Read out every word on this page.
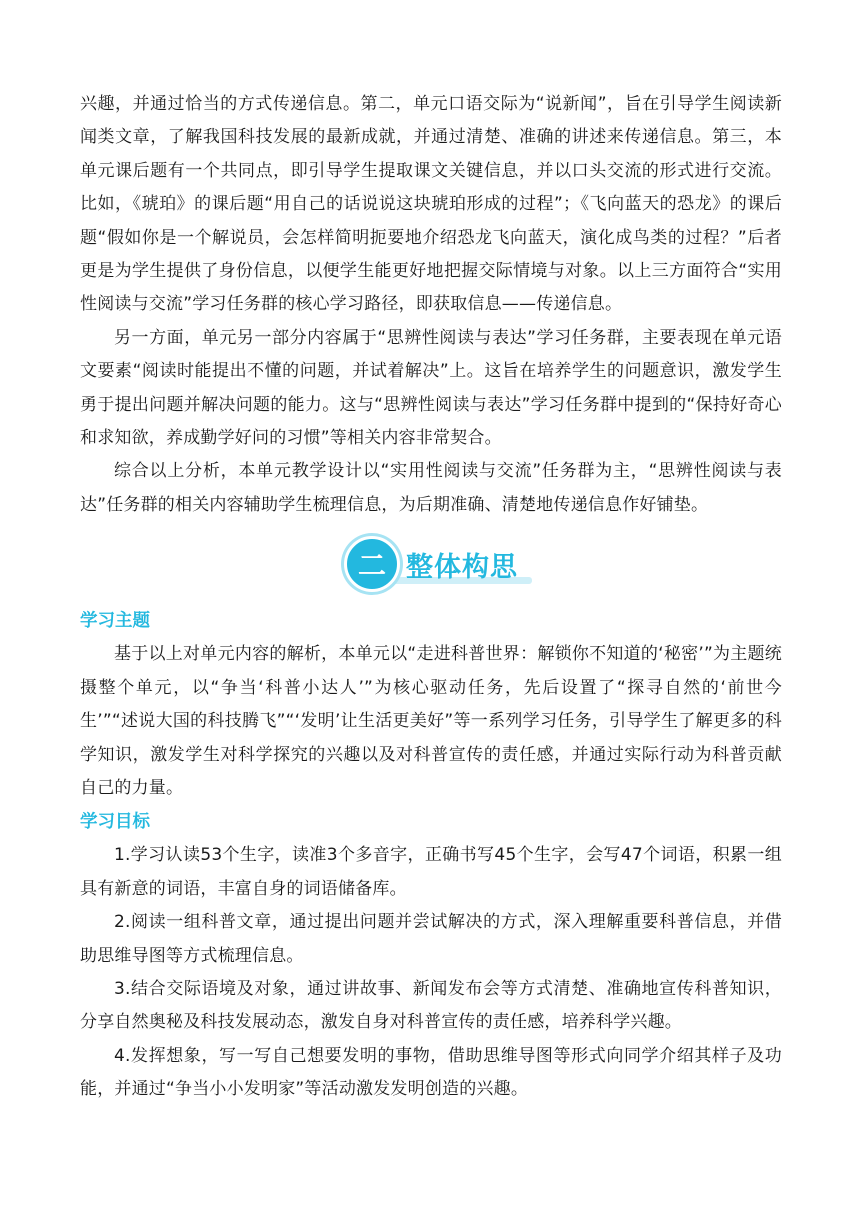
兴趣，并通过恰当的方式传递信息。第二，单元口语交际为“说新闻”，旨在引导学生阅读新闻类文章，了解我国科技发展的最新成就，并通过清楚、准确的讲述来传递信息。第三，本单元课后题有一个共同点，即引导学生提取课文关键信息，并以口头交流的形式进行交流。比如，《琥珀》的课后题“用自己的话说说这块琥珀形成的过程”；《飞向蓝天的恐龙》的课后题“假如你是一个解说员，会怎样简明扼要地介绍恐龙飞向蓝天，演化成鸟类的过程？”后者更是为学生提供了身份信息，以便学生能更好地把握交际情境与对象。以上三方面符合“实用性阅读与交流”学习任务群的核心学习路径，即获取信息——传递信息。

另一方面，单元另一部分内容属于“思辨性阅读与表达”学习任务群，主要表现在单元语文要素“阅读时能提出不懂的问题，并试着解决”上。这旨在培养学生的问题意识，激发学生勇于提出问题并解决问题的能力。这与“思辨性阅读与表达”学习任务群中提到的“保持好奇心和求知欲，养成勤学好问的习惯”等相关内容非常契合。

综合以上分析，本单元教学设计以“实用性阅读与交流”任务群为主，“思辨性阅读与表达”任务群的相关内容辅助学生梳理信息，为后期准确、清楚地传递信息作好铺垫。

二 整体构思
学习主题

基于以上对单元内容的解析，本单元以“走进科普世界：解锁你不知道的‘秘密’”为主题统摄整个单元，以“争当‘科普小达人’”为核心驱动任务，先后设置了“探寻自然的‘前世今生’”“述说大国的科技腾飞”“‘发明’让生活更美好”等一系列学习任务，引导学生了解更多的科学知识，激发学生对科学探究的兴趣以及对科普宣传的责任感，并通过实际行动为科普贡献自己的力量。

学习目标

1.学习认读53个生字，读准3个多音字，正确书写45个生字，会写47个词语，积累一组具有新意的词语，丰富自身的词语储备库。

2.阅读一组科普文章，通过提出问题并尝试解决的方式，深入理解重要科普信息，并借助思维导图等方式梳理信息。

3.结合交际语境及对象，通过讲故事、新闻发布会等方式清楚、准确地宣传科普知识，分享自然奥秘及科技发展动态，激发自身对科普宣传的责任感，培养科学兴趣。

4.发挥想象，写一写自己想要发明的事物，借助思维导图等形式向同学介绍其样子及功能，并通过“争当小小发明家”等活动激发发明创造的兴趣。
